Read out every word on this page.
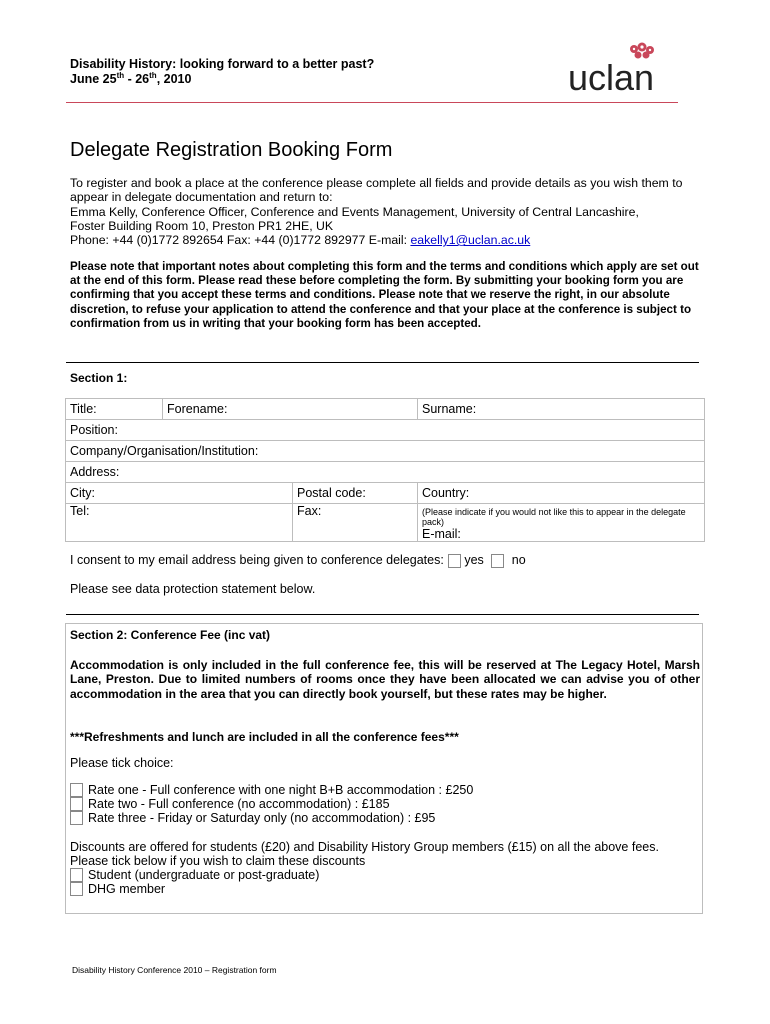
Disability History: looking forward to a better past?
June 25th - 26th, 2010	uclan
Delegate Registration Booking Form
To register and book a place at the conference please complete all fields and provide details as you wish them to appear in delegate documentation and return to:
Emma Kelly, Conference Officer, Conference and Events Management, University of Central Lancashire,
Foster Building Room 10, Preston PR1 2HE, UK
Phone: +44 (0)1772 892654 Fax: +44 (0)1772 892977 E-mail: eakelly1@uclan.ac.uk
Please note that important notes about completing this form and the terms and conditions which apply are set out at the end of this form. Please read these before completing the form. By submitting your booking form you are confirming that you accept these terms and conditions. Please note that we reserve the right, in our absolute discretion, to refuse your application to attend the conference and that your place at the conference is subject to confirmation from us in writing that your booking form has been accepted.
Section 1:
Title:	Forename:		Surname:
Position:			
Company/Organisation/Institution:			
Address:			
City:		Postal code:	Country:
Tel:		Fax:	(Please indicate if you would not like this to appear in the delegate pack)
E-mail:
I consent to my email address being given to conference delegates: yes no
Please see data protection statement below.
Section 2: Conference Fee (inc vat)
Accommodation is only included in the full conference fee, this will be reserved at The Legacy Hotel, Marsh Lane, Preston. Due to limited numbers of rooms once they have been allocated we can advise you of other accommodation in the area that you can directly book yourself, but these rates may be higher.
***Refreshments and lunch are included in all the conference fees***
Please tick choice:
Rate one - Full conference with one night B+B accommodation : £250
Rate two - Full conference (no accommodation) : £185
Rate three - Friday or Saturday only (no accommodation) : £95
Discounts are offered for students (£20) and Disability History Group members (£15) on all the above fees.
Please tick below if you wish to claim these discounts
Student (undergraduate or post-graduate)
DHG member
Disability History Conference 2010 – Registration form
